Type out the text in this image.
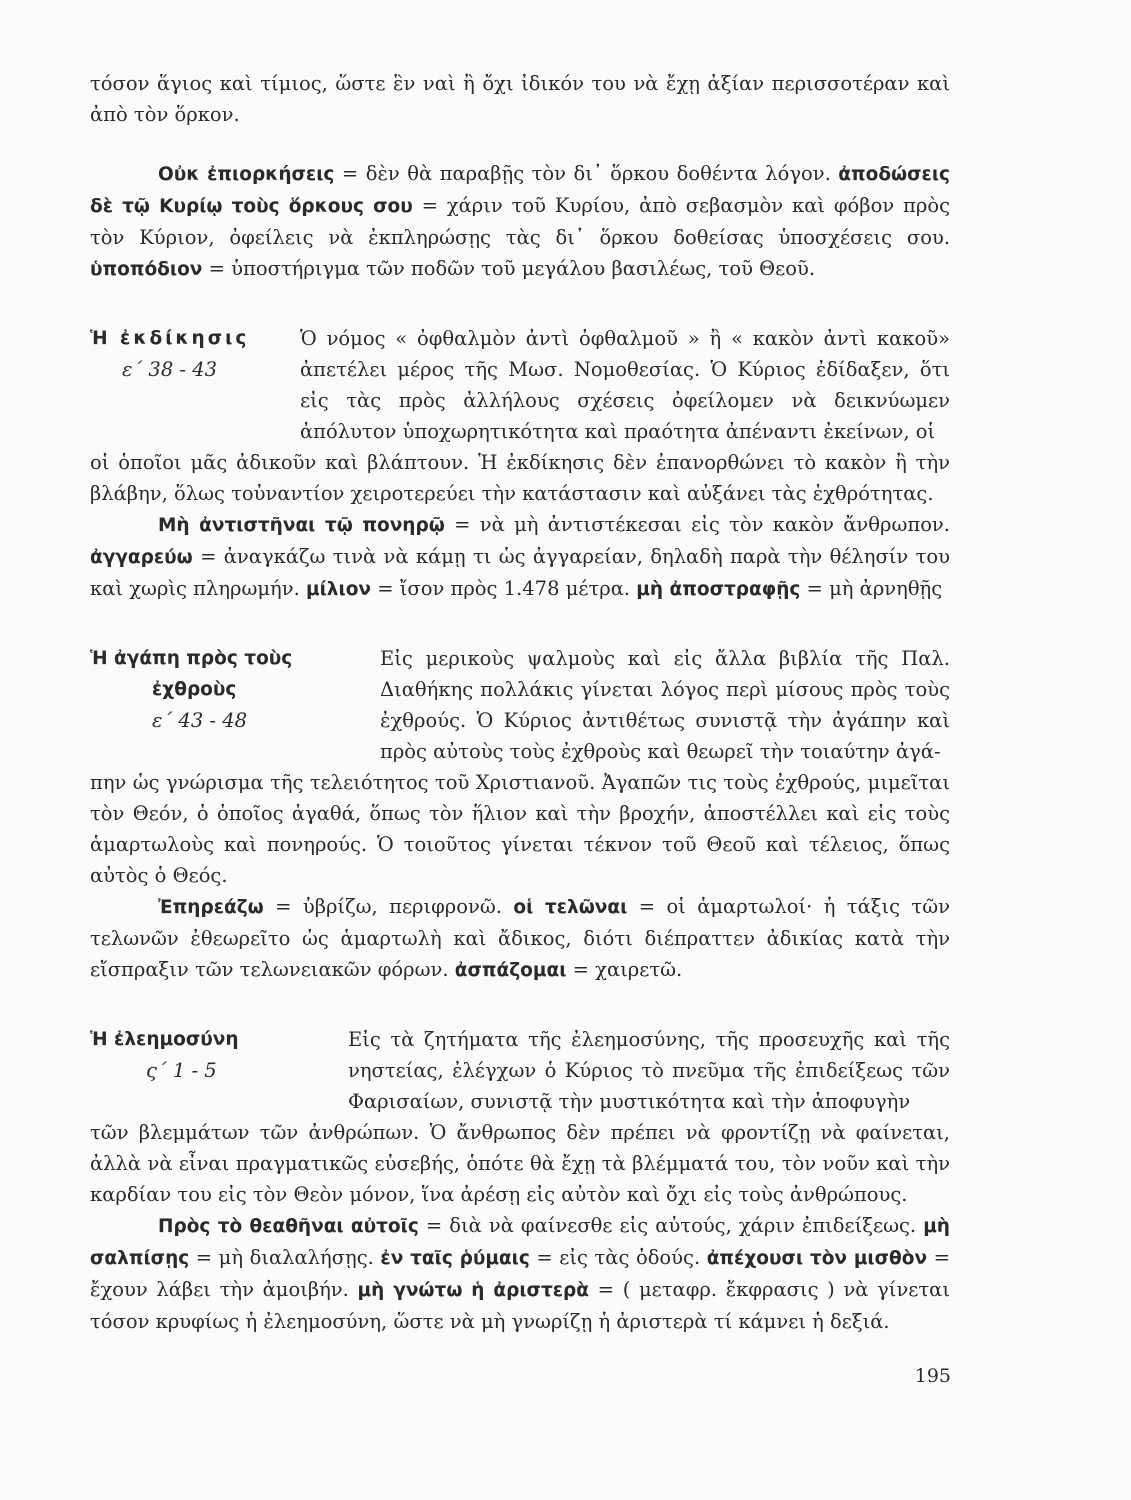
τόσον ἅγιος καὶ τίμιος, ὥστε ἓν ναὶ ἢ ὄχι ἰδικόν του νὰ ἔχῃ ἀξίαν περισσοτέραν καὶ ἀπὸ τὸν ὅρκον.

Οὐκ ἐπιορκήσεις = δὲν θὰ παραβῇς τὸν δι᾽ ὅρκου δοθέντα λόγον. ἀποδώσεις δὲ τῷ Κυρίῳ τοὺς ὅρκους σου = χάριν τοῦ Κυρίου, ἀπὸ σεβασμὸν καὶ φόβον πρὸς τὸν Κύριον, ὀφείλεις νὰ ἐκπληρώσῃς τὰς δι᾽ ὅρκου δοθείσας ὑποσχέσεις σου. ὑποπόδιον = ὑποστήριγμα τῶν ποδῶν τοῦ μεγάλου βασιλέως, τοῦ Θεοῦ.

Ἡ ἐκδίκησις
ε΄ 38 - 43
Ὁ νόμος « ὀφθαλμὸν ἀντὶ ὀφθαλμοῦ » ἢ « κακὸν ἀντὶ κακοῦ» ἀπετέλει μέρος τῆς Μωσ. Νομοθεσίας. Ὁ Κύριος ἐδίδαξεν, ὅτι εἰς τὰς πρὸς ἀλλήλους σχέσεις ὀφείλομεν νὰ δεικνύωμεν ἀπόλυτον ὑποχωρητικότητα καὶ πραότητα ἀπέναντι ἐκείνων, οἱ

οἱ ὁποῖοι μᾶς ἀδικοῦν καὶ βλάπτουν. Ἡ ἐκδίκησις δὲν ἐπανορθώνει τὸ κακὸν ἢ τὴν βλάβην, ὅλως τοὐναντίον χειροτερεύει τὴν κατάστασιν καὶ αὐξάνει τὰς ἐχθρότητας.

Μὴ ἀντιστῆναι τῷ πονηρῷ = νὰ μὴ ἀντιστέκεσαι εἰς τὸν κακὸν ἄνθρωπον. ἀγγαρεύω = ἀναγκάζω τινὰ νὰ κάμῃ τι ὡς ἀγγαρείαν, δηλαδὴ παρὰ τὴν θέλησίν του καὶ χωρὶς πληρωμήν. μίλιον = ἴσον πρὸς 1.478 μέτρα. μὴ ἀποστραφῇς = μὴ ἀρνηθῇς

Ἡ ἀγάπη πρὸς τοὺς
ἐχθροὺς
ε΄ 43 - 48
Εἰς μερικοὺς ψαλμοὺς καὶ εἰς ἄλλα βιβλία τῆς Παλ. Διαθήκης πολλάκις γίνεται λόγος περὶ μίσους πρὸς τοὺς ἐχθρούς. Ὁ Κύριος ἀντιθέτως συνιστᾷ τὴν ἀγάπην καὶ πρὸς αὐτοὺς τοὺς ἐχθροὺς καὶ θεωρεῖ τὴν τοιαύτην ἀγά-

πην ὡς γνώρισμα τῆς τελειότητος τοῦ Χριστιανοῦ. Ἀγαπῶν τις τοὺς ἐχθρούς, μιμεῖται τὸν Θεόν, ὁ ὁποῖος ἀγαθά, ὅπως τὸν ἥλιον καὶ τὴν βροχήν, ἀποστέλλει καὶ εἰς τοὺς ἁμαρτωλοὺς καὶ πονηρούς. Ὁ τοιοῦτος γίνεται τέκνον τοῦ Θεοῦ καὶ τέλειος, ὅπως αὐτὸς ὁ Θεός.

Ἐπηρεάζω = ὑβρίζω, περιφρονῶ. οἱ τελῶναι = οἱ ἁμαρτωλοί· ἡ τάξις τῶν τελωνῶν ἐθεωρεῖτο ὡς ἁμαρτωλὴ καὶ ἄδικος, διότι διέπραττεν ἀδικίας κατὰ τὴν εἴσπραξιν τῶν τελωνειακῶν φόρων. ἀσπάζομαι = χαιρετῶ.

Ἡ ἐλεημοσύνη
ς΄ 1 - 5
Εἰς τὰ ζητήματα τῆς ἐλεημοσύνης, τῆς προσευχῆς καὶ τῆς νηστείας, ἐλέγχων ὁ Κύριος τὸ πνεῦμα τῆς ἐπιδείξεως τῶν Φαρισαίων, συνιστᾷ τὴν μυστικότητα καὶ τὴν ἀποφυγὴν

τῶν βλεμμάτων τῶν ἀνθρώπων. Ὁ ἄνθρωπος δὲν πρέπει νὰ φροντίζῃ νὰ φαίνεται, ἀλλὰ νὰ εἶναι πραγματικῶς εὐσεβής, ὁπότε θὰ ἔχῃ τὰ βλέμματά του, τὸν νοῦν καὶ τὴν καρδίαν του εἰς τὸν Θεὸν μόνον, ἵνα ἀρέσῃ εἰς αὐτὸν καὶ ὄχι εἰς τοὺς ἀνθρώπους.

Πρὸς τὸ θεαθῆναι αὐτοῖς = διὰ νὰ φαίνεσθε εἰς αὐτούς, χάριν ἐπιδείξεως. μὴ σαλπίσῃς = μὴ διαλαλήσῃς. ἐν ταῖς ῥύμαις = εἰς τὰς ὁδούς. ἀπέχουσι τὸν μισθὸν = ἔχουν λάβει τὴν ἀμοιβήν. μὴ γνώτω ἡ ἀριστερὰ = ( μεταφρ. ἔκφρασις ) νὰ γίνεται τόσον κρυφίως ἡ ἐλεημοσύνη, ὥστε νὰ μὴ γνωρίζῃ ἡ ἀριστερὰ τί κάμνει ἡ δεξιά.

195
